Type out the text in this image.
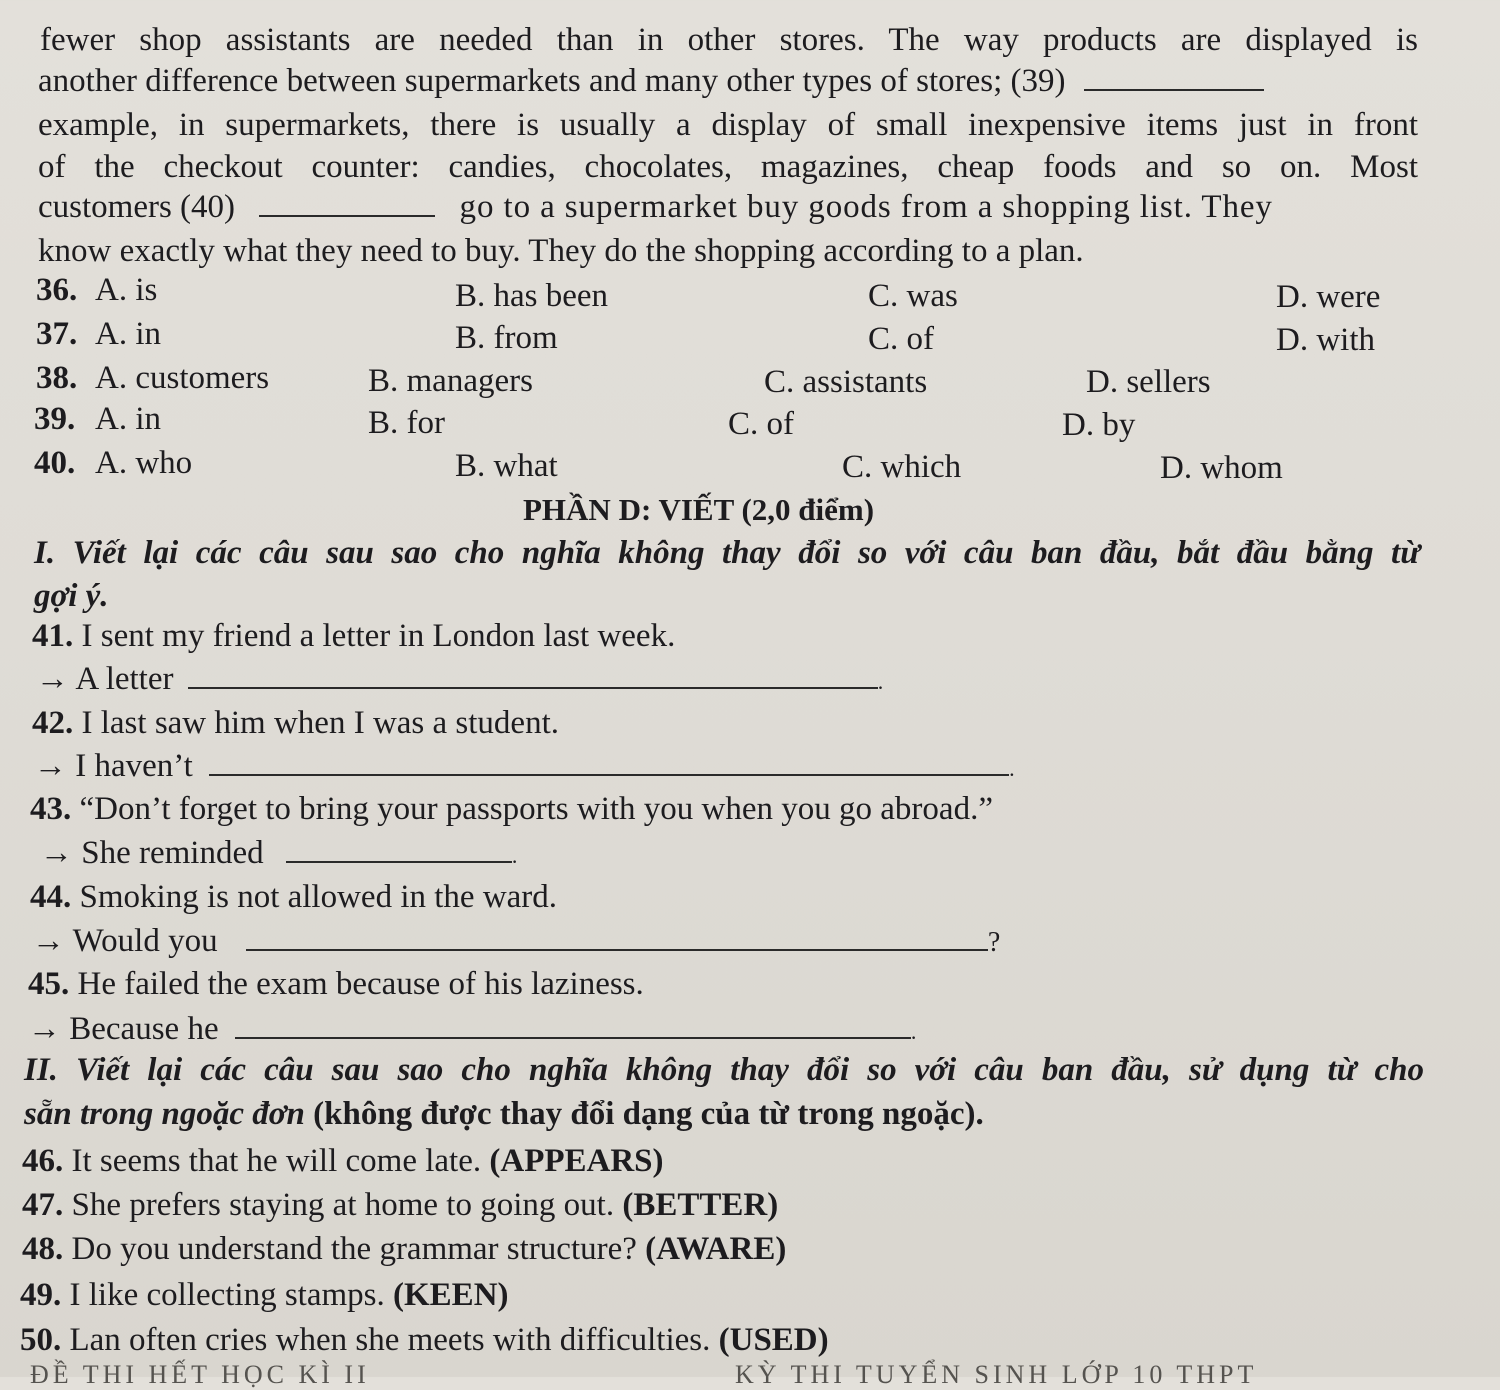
fewer shop assistants are needed than in other stores. The way products are displayed is
another difference between supermarkets and many other types of stores; (39)
example, in supermarkets, there is usually a display of small inexpensive items just in front
of the checkout counter: candies, chocolates, magazines, cheap foods and so on. Most
customers (40)	go to a supermarket buy goods from a shopping list. They
know exactly what they need to buy. They do the shopping according to a plan.
36. A. is	B. has been	C. was	D. were
37. A. in	B. from	C. of	D. with
38. A. customers	B. managers	C. assistants	D. sellers
39. A. in	B. for	C. of	D. by
40. A. who	B. what	C. which	D. whom
PHẦN D: VIẾT (2,0 điểm)
I. Viết lại các câu sau sao cho nghĩa không thay đổi so với câu ban đầu, bắt đầu bằng từ
gợi ý.
41. I sent my friend a letter in London last week.
→ A letter	.
42. I last saw him when I was a student.
→ I haven’t	.
43. “Don’t forget to bring your passports with you when you go abroad.”
→ She reminded	.
44. Smoking is not allowed in the ward.
→ Would you	?
45. He failed the exam because of his laziness.
→ Because he	.
II. Viết lại các câu sau sao cho nghĩa không thay đổi so với câu ban đầu, sử dụng từ cho
sẵn trong ngoặc đơn (không được thay đổi dạng của từ trong ngoặc).
46. It seems that he will come late. (APPEARS)
47. She prefers staying at home to going out. (BETTER)
48. Do you understand the grammar structure? (AWARE)
49. I like collecting stamps. (KEEN)
50. Lan often cries when she meets with difficulties. (USED)
ĐỀ THI HẾT HỌC KÌ II	KỲ THI TUYỂN SINH LỚP 10 THPT
